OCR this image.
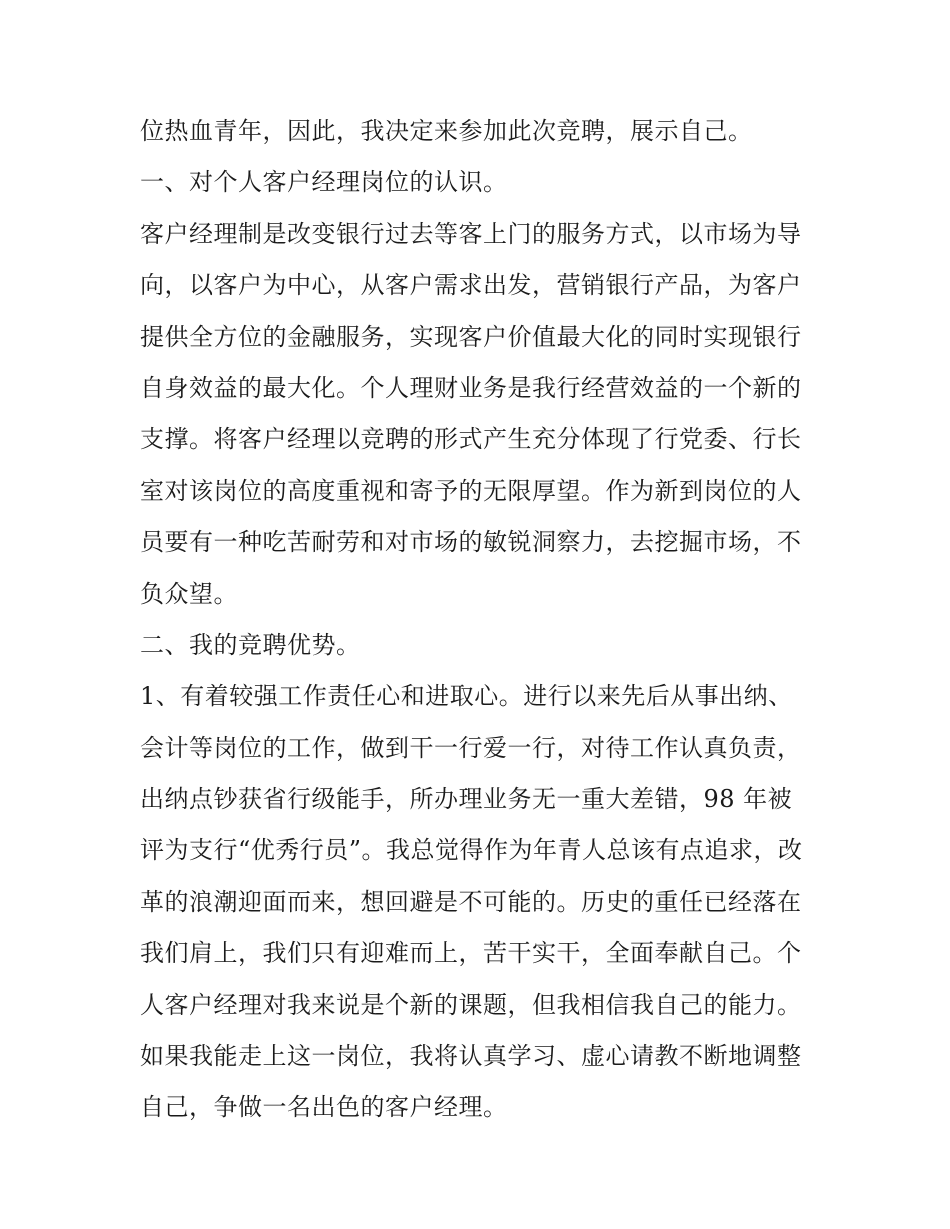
位热血青年，因此，我决定来参加此次竞聘，展示自己。
一、对个人客户经理岗位的认识。
客户经理制是改变银行过去等客上门的服务方式，以市场为导
向，以客户为中心，从客户需求出发，营销银行产品，为客户
提供全方位的金融服务，实现客户价值最大化的同时实现银行
自身效益的最大化。个人理财业务是我行经营效益的一个新的
支撑。将客户经理以竞聘的形式产生充分体现了行党委、行长
室对该岗位的高度重视和寄予的无限厚望。作为新到岗位的人
员要有一种吃苦耐劳和对市场的敏锐洞察力，去挖掘市场，不
负众望。
二、我的竞聘优势。
1、有着较强工作责任心和进取心。进行以来先后从事出纳、
会计等岗位的工作，做到干一行爱一行，对待工作认真负责，
出纳点钞获省行级能手，所办理业务无一重大差错，98 年被
评为支行“优秀行员”。我总觉得作为年青人总该有点追求，改
革的浪潮迎面而来，想回避是不可能的。历史的重任已经落在
我们肩上，我们只有迎难而上，苦干实干，全面奉献自己。个
人客户经理对我来说是个新的课题，但我相信我自己的能力。
如果我能走上这一岗位，我将认真学习、虚心请教不断地调整
自己，争做一名出色的客户经理。
